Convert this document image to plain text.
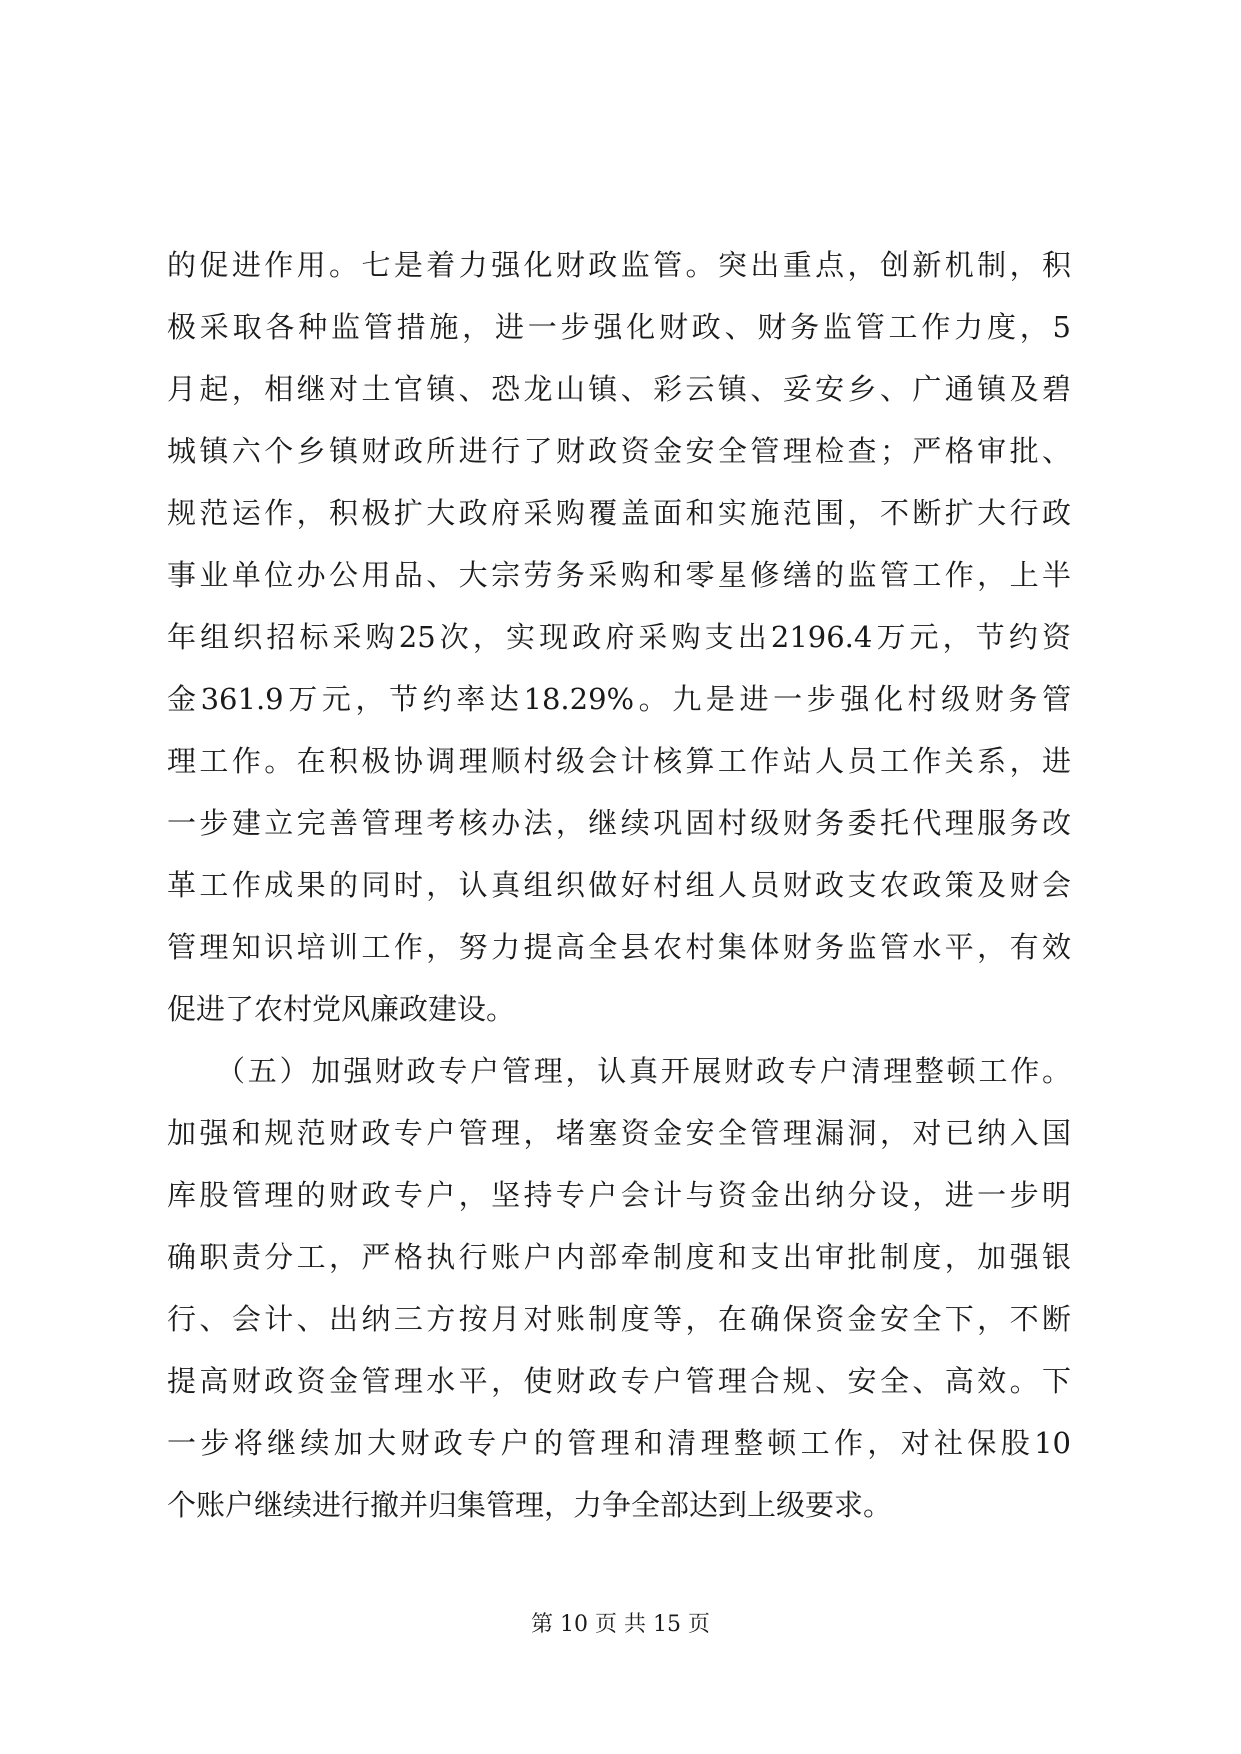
的促进作用。七是着力强化财政监管。突出重点，创新机制，积
极采取各种监管措施，进一步强化财政、财务监管工作力度，5
月起，相继对土官镇、恐龙山镇、彩云镇、妥安乡、广通镇及碧
城镇六个乡镇财政所进行了财政资金安全管理检查；严格审批、
规范运作，积极扩大政府采购覆盖面和实施范围，不断扩大行政
事业单位办公用品、大宗劳务采购和零星修缮的监管工作，上半
年组织招标采购25次，实现政府采购支出2196.4万元，节约资
金361.9万元，节约率达18.29%。九是进一步强化村级财务管
理工作。在积极协调理顺村级会计核算工作站人员工作关系，进
一步建立完善管理考核办法，继续巩固村级财务委托代理服务改
革工作成果的同时，认真组织做好村组人员财政支农政策及财会
管理知识培训工作，努力提高全县农村集体财务监管水平，有效
促进了农村党风廉政建设。
　　（五）加强财政专户管理，认真开展财政专户清理整顿工作。
加强和规范财政专户管理，堵塞资金安全管理漏洞，对已纳入国
库股管理的财政专户，坚持专户会计与资金出纳分设，进一步明
确职责分工，严格执行账户内部牵制度和支出审批制度，加强银
行、会计、出纳三方按月对账制度等，在确保资金安全下，不断
提高财政资金管理水平，使财政专户管理合规、安全、高效。下
一步将继续加大财政专户的管理和清理整顿工作，对社保股10
个账户继续进行撤并归集管理，力争全部达到上级要求。
第 10 页 共 15 页
